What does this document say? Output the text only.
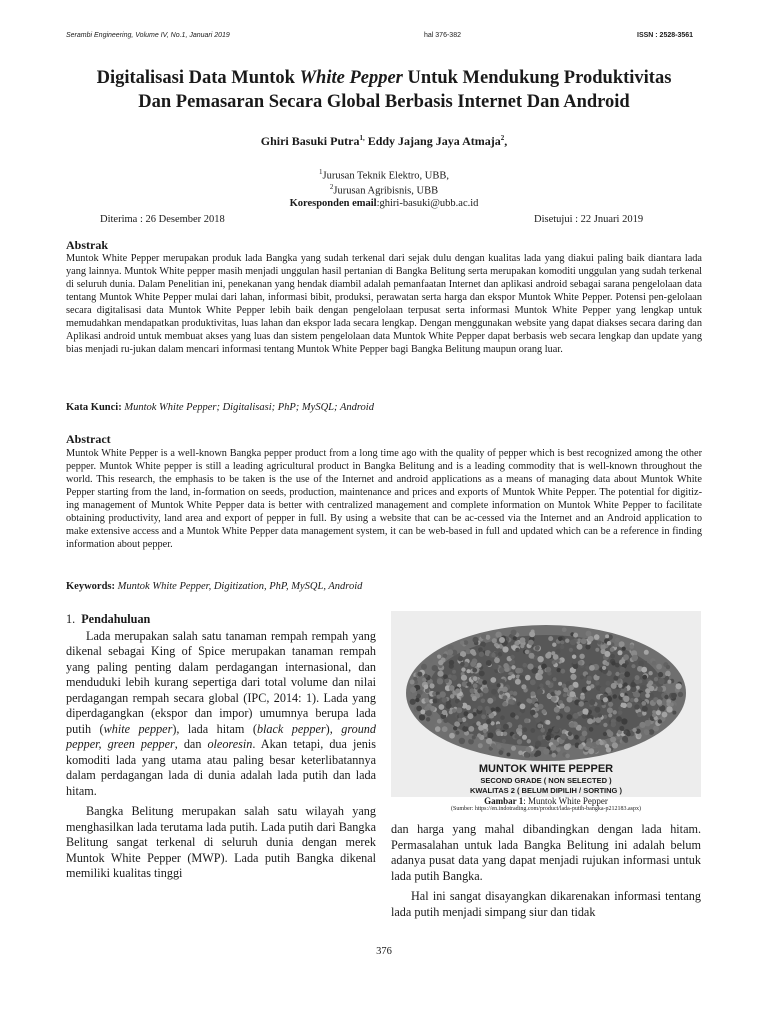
Serambi Engineering, Volume IV, No.1, Januari 2019	hal 376-382	ISSN : 2528-3561
Digitalisasi Data Muntok White Pepper Untuk Mendukung Produktivitas
Dan Pemasaran Secara Global Berbasis Internet Dan Android
Ghiri Basuki Putra$^{1,}$ Eddy Jajang Jaya Atmaja$^2$,
$^1$Jurusan Teknik Elektro, UBB,
$^2$Jurusan Agribisnis, UBB
Koresponden email:ghiri-basuki@ubb.ac.id
Diterima : 26 Desember 2018	Disetujui : 22 Jnuari 2019
Abstrak
Muntok White Pepper merupakan produk lada Bangka yang sudah terkenal dari sejak dulu dengan kualitas lada yang diakui paling baik diantara lada yang lainnya. Muntok White pepper masih menjadi unggulan hasil pertanian di Bangka Belitung serta merupakan komoditi unggulan yang sudah terkenal di seluruh dunia. Dalam Penelitian ini, penekanan yang hendak diambil adalah pemanfaatan Internet dan aplikasi android sebagai sarana pengelolaan data tentang Muntok White Pepper mulai dari lahan, informasi bibit, produksi, perawatan serta harga dan ekspor Muntok White Pepper. Potensi pen-gelolaan secara digitalisasi data Muntok White Pepper lebih baik dengan pengelolaan terpusat serta informasi Muntok White Pepper yang lengkap untuk memudahkan mendapatkan produktivitas, luas lahan dan ekspor lada secara lengkap. Dengan menggunakan website yang dapat diakses secara daring dan Aplikasi android untuk membuat akses yang luas dan sistem pengelolaan data Muntok White Pepper dapat berbasis web secara lengkap dan update yang bias menjadi ru-jukan dalam mencari informasi tentang Muntok White Pepper bagi Bangka Belitung maupun orang luar.
Kata Kunci: Muntok White Pepper; Digitalisasi; PhP; MySQL; Android
Abstract
Muntok White Pepper is a well-known Bangka pepper product from a long time ago with the quality of pepper which is best recognized among the other pepper. Muntok White pepper is still a leading agricultural product in Bangka Belitung and is a leading commodity that is well-known throughout the world. This research, the emphasis to be taken is the use of the Internet and android applications as a means of managing data about Muntok White Pepper starting from the land, in-formation on seeds, production, maintenance and prices and exports of Muntok White Pepper. The potential for digitiz-ing management of Muntok White Pepper data is better with centralized management and complete information on Muntok White Pepper to facilitate obtaining productivity, land area and export of pepper in full. By using a website that can be ac-cessed via the Internet and an Android application to make extensive access and a Muntok White Pepper data management system, it can be web-based in full and updated which can be a reference in finding information about pepper.
Keywords: Muntok White Pepper, Digitization, PhP, MySQL, Android
1. Pendahuluan

Lada merupakan salah satu tanaman rempah rempah yang dikenal sebagai King of Spice merupakan tanaman rempah yang paling penting dalam perdagangan internasional, dan menduduki lebih kurang sepertiga dari total volume dan nilai perdagangan rempah secara global (IPC, 2014: 1). Lada yang diperdagangkan (ekspor dan impor) umumnya berupa lada putih (white pepper), lada hitam (black pepper), ground pepper, green pepper, dan oleoresin. Akan tetapi, dua jenis komoditi lada yang utama atau paling besar keterlibatannya dalam perdagangan lada di dunia adalah lada putih dan lada hitam.

Bangka Belitung merupakan salah satu wilayah yang menghasilkan lada terutama lada putih. Lada putih dari Bangka Belitung sangat terkenal di seluruh dunia dengan merek Muntok White Pepper (MWP). Lada putih Bangka dikenal memiliki kualitas tinggi

MUNTOK WHITE PEPPER
SECOND GRADE ( NON SELECTED )
KWALITAS 2 ( BELUM DIPILIH / SORTING )
Gambar 1: Muntok White Pepper
(Sumber: https://en.indotrading.com/product/lada-putih-bangka-p212183.aspx)

dan harga yang mahal dibandingkan dengan lada hitam. Permasalahan untuk lada Bangka Belitung ini adalah belum adanya pusat data yang dapat menjadi rujukan informasi untuk lada putih Bangka.

Hal ini sangat disayangkan dikarenakan informasi tentang lada putih menjadi simpang siur dan tidak

376
